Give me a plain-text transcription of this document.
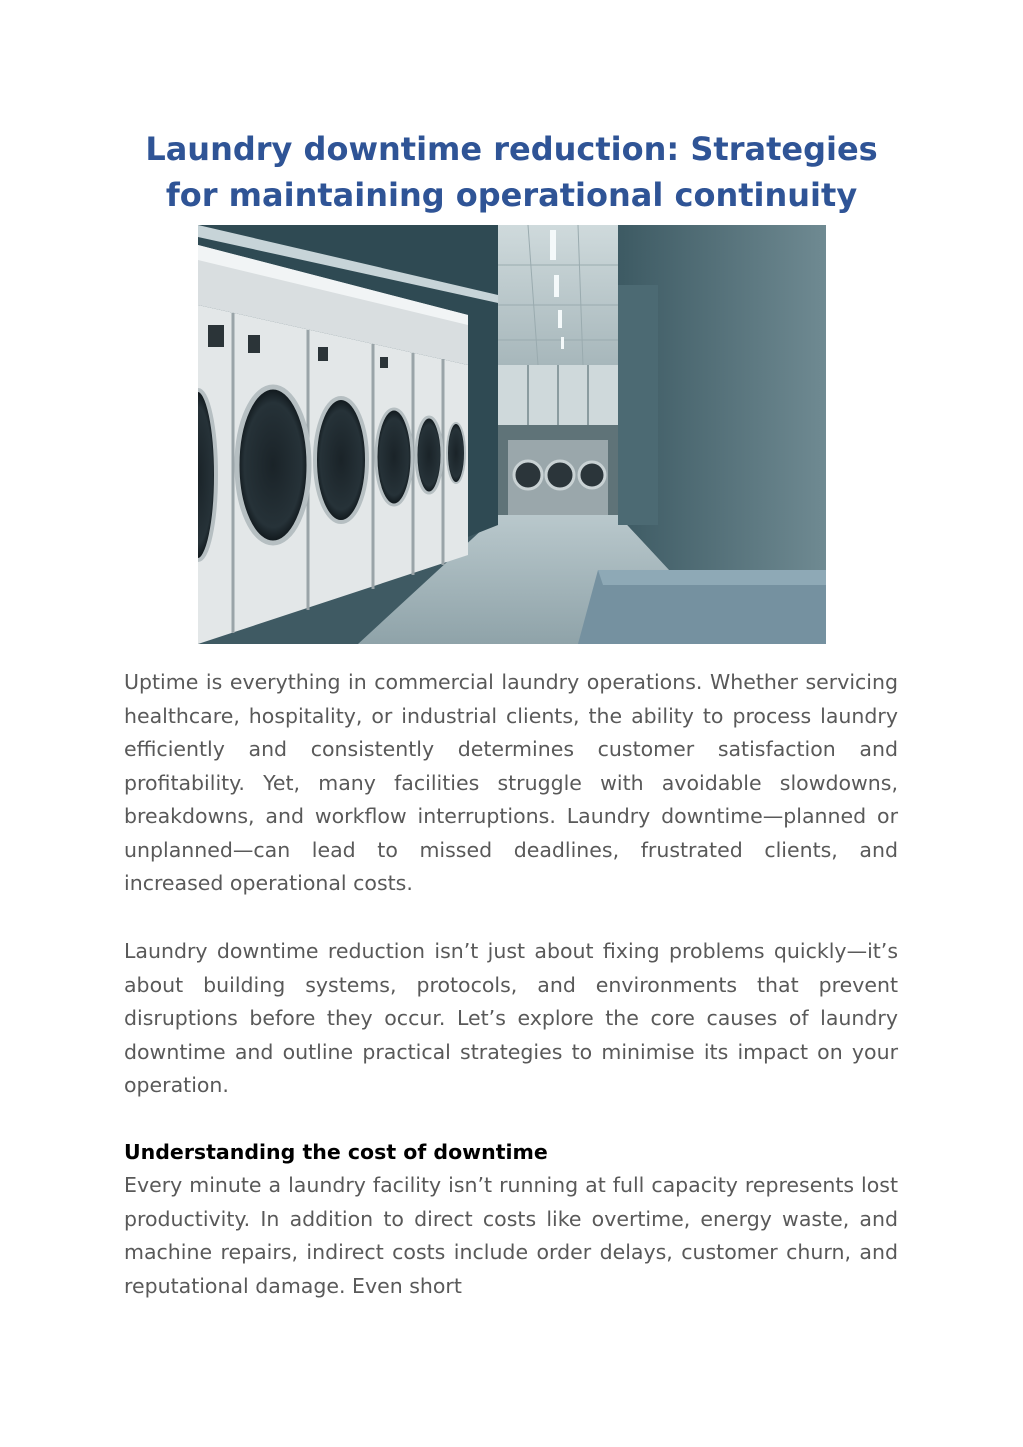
Laundry downtime reduction: Strategies for maintaining operational continuity

Uptime is everything in commercial laundry operations. Whether servicing healthcare, hospitality, or industrial clients, the ability to process laundry efficiently and consistently determines customer satisfaction and profitability. Yet, many facilities struggle with avoidable slowdowns, breakdowns, and workflow interruptions. Laundry downtime—planned or unplanned—can lead to missed deadlines, frustrated clients, and increased operational costs.

Laundry downtime reduction isn’t just about fixing problems quickly—it’s about building systems, protocols, and environments that prevent disruptions before they occur. Let’s explore the core causes of laundry downtime and outline practical strategies to minimise its impact on your operation.

Understanding the cost of downtime

Every minute a laundry facility isn’t running at full capacity represents lost productivity. In addition to direct costs like overtime, energy waste, and machine repairs, indirect costs include order delays, customer churn, and reputational damage. Even short
